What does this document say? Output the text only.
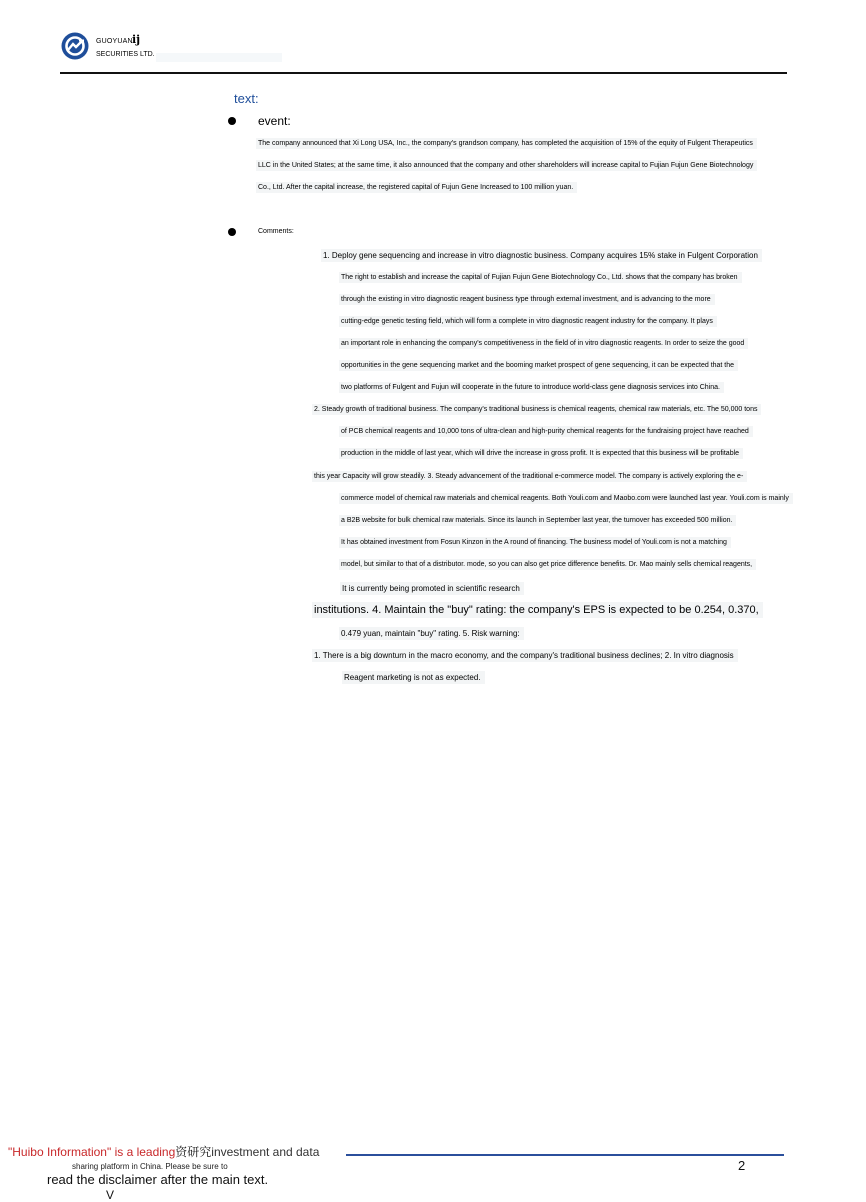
GUOYUAN ij
SECURITIES LTD.
text:
event:
The company announced that Xi Long USA, Inc., the company's grandson company, has completed the acquisition of 15% of the equity of Fulgent Therapeutics
LLC in the United States; at the same time, it also announced that the company and other shareholders will increase capital to Fujian Fujun Gene Biotechnology
Co., Ltd. After the capital increase, the registered capital of Fujun Gene Increased to 100 million yuan.
Comments:
1. Deploy gene sequencing and increase in vitro diagnostic business. Company acquires 15% stake in Fulgent Corporation
The right to establish and increase the capital of Fujian Fujun Gene Biotechnology Co., Ltd. shows that the company has broken
through the existing in vitro diagnostic reagent business type through external investment, and is advancing to the more
cutting-edge genetic testing field, which will form a complete in vitro diagnostic reagent industry for the company. It plays
an important role in enhancing the company's competitiveness in the field of in vitro diagnostic reagents. In order to seize the good
opportunities in the gene sequencing market and the booming market prospect of gene sequencing, it can be expected that the
two platforms of Fulgent and Fujun will cooperate in the future to introduce world-class gene diagnosis services into China.
2. Steady growth of traditional business. The company's traditional business is chemical reagents, chemical raw materials, etc. The 50,000 tons
of PCB chemical reagents and 10,000 tons of ultra-clean and high-purity chemical reagents for the fundraising project have reached
production in the middle of last year, which will drive the increase in gross profit. It is expected that this business will be profitable
this year Capacity will grow steadily. 3. Steady advancement of the traditional e-commerce model. The company is actively exploring the e-
commerce model of chemical raw materials and chemical reagents. Both Youli.com and Maobo.com were launched last year. Youli.com is mainly
a B2B website for bulk chemical raw materials. Since its launch in September last year, the turnover has exceeded 500 million.
It has obtained investment from Fosun Kinzon in the A round of financing. The business model of Youli.com is not a matching
model, but similar to that of a distributor. mode, so you can also get price difference benefits. Dr. Mao mainly sells chemical reagents,
It is currently being promoted in scientific research
institutions. 4. Maintain the "buy" rating: the company's EPS is expected to be 0.254, 0.370,
0.479 yuan, maintain "buy" rating. 5. Risk warning:
1. There is a big downturn in the macro economy, and the company's traditional business declines; 2. In vitro diagnosis
Reagent marketing is not as expected.
"Huibo Information" is a leading资研究investment and data
sharing platform in China. Please be sure to
read the disclaimer after the main text.
V
2
